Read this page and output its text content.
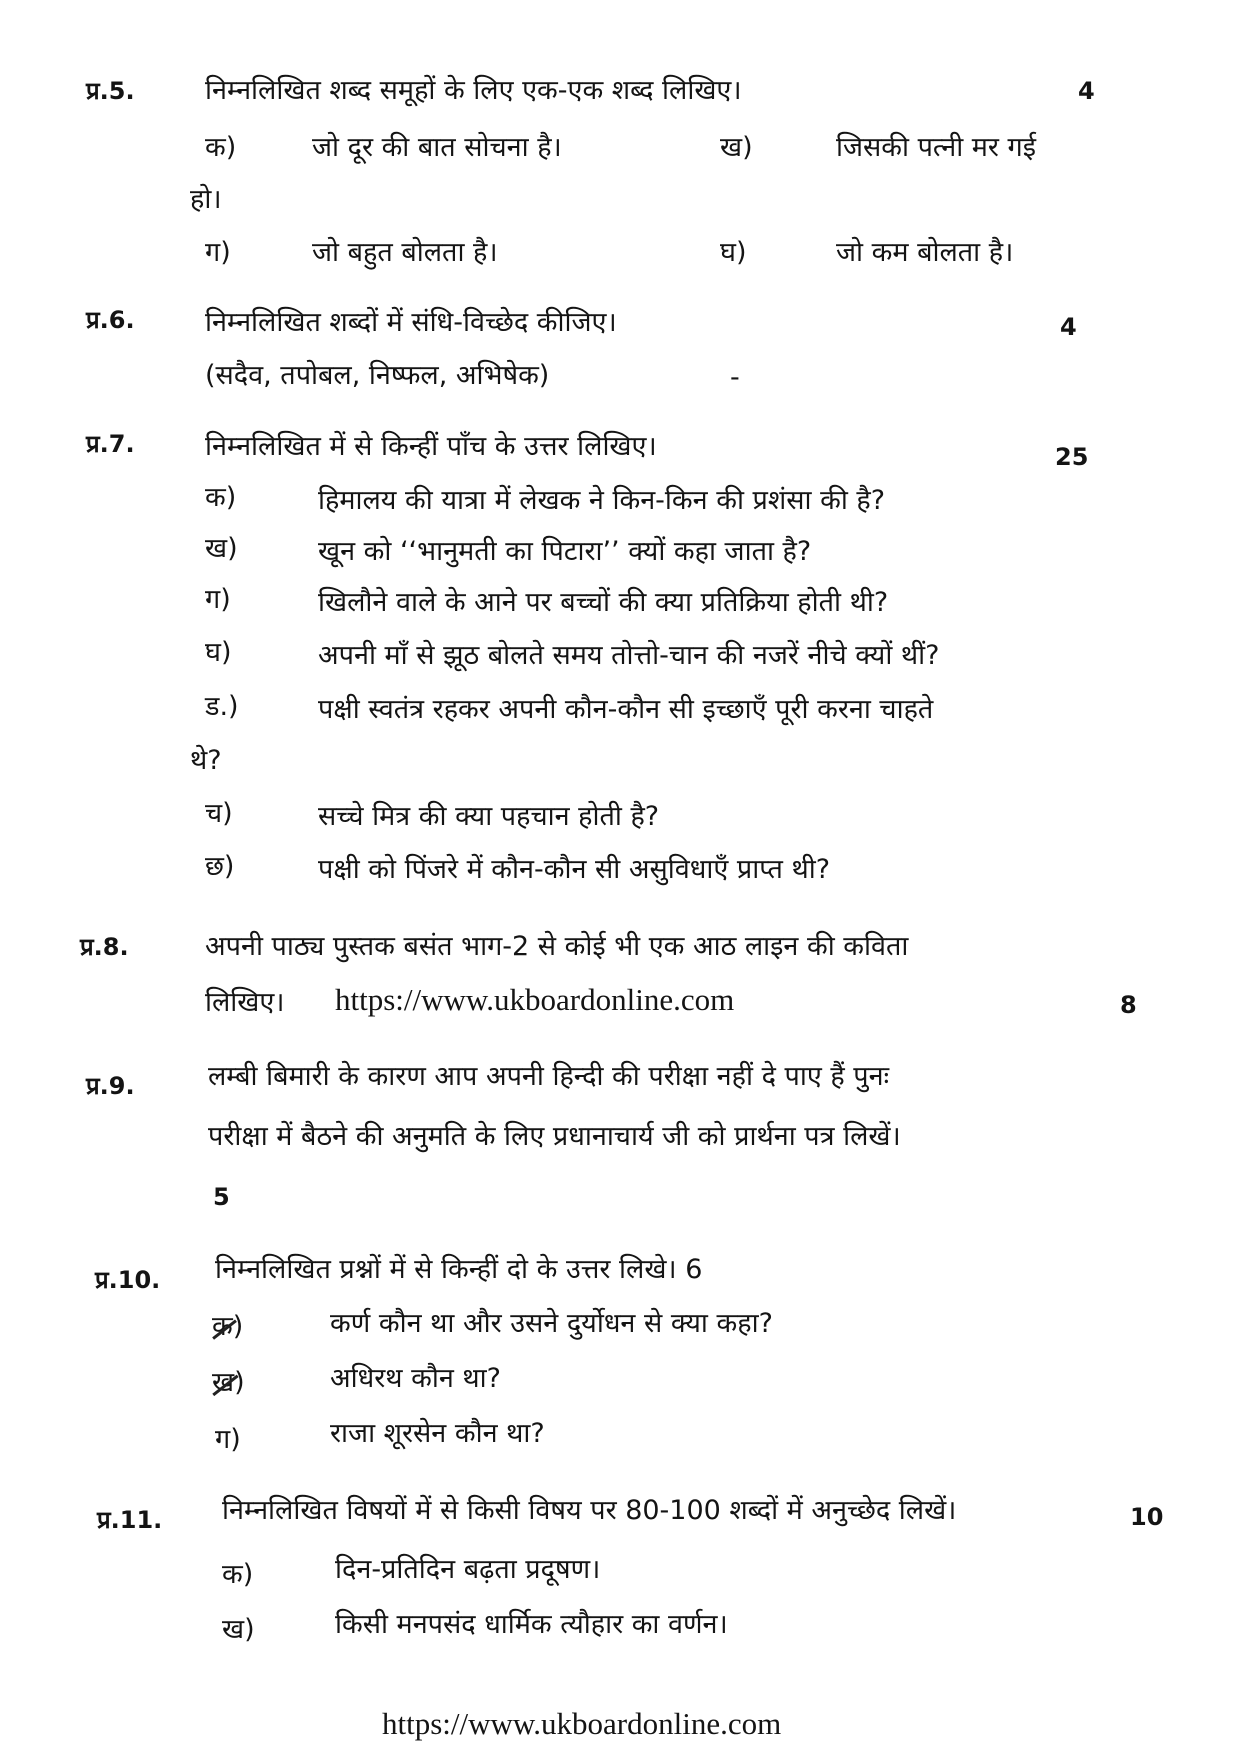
प्र.5.	निम्नलिखित शब्द समूहों के लिए एक-एक शब्द लिखिए।	4
क)	जो दूर की बात सोचना है।	ख)	जिसकी पत्नी मर गई
हो।
ग)	जो बहुत बोलता है।	घ)	जो कम बोलता है।
प्र.6.	निम्नलिखित शब्दों में संधि-विच्छेद कीजिए।	4
(सदैव, तपोबल, निष्फल, अभिषेक)	-
प्र.7.	निम्नलिखित में से किन्हीं पाँच के उत्तर लिखिए।	25
क)	हिमालय की यात्रा में लेखक ने किन-किन की प्रशंसा की है?
ख)	खून को ‘‘भानुमती का पिटारा’’ क्यों कहा जाता है?
ग)	खिलौने वाले के आने पर बच्चों की क्या प्रतिक्रिया होती थी?
घ)	अपनी माँ से झूठ बोलते समय तोत्तो-चान की नजरें नीचे क्यों थीं?
ड.)	पक्षी स्वतंत्र रहकर अपनी कौन-कौन सी इच्छाएँ पूरी करना चाहते
थे?
च)	सच्चे मित्र की क्या पहचान होती है?
छ)	पक्षी को पिंजरे में कौन-कौन सी असुविधाएँ प्राप्त थी?
प्र.8.	अपनी पाठ्य पुस्तक बसंत भाग-2 से कोई भी एक आठ लाइन की कविता
लिखिए। https://www.ukboardonline.com	8
प्र.9.	लम्बी बिमारी के कारण आप अपनी हिन्दी की परीक्षा नहीं दे पाए हैं पुनः
परीक्षा में बैठने की अनुमति के लिए प्रधानाचार्य जी को प्रार्थना पत्र लिखें।
5
प्र.10. निम्नलिखित प्रश्नों में से किन्हीं दो के उत्तर लिखे। 6
क)	कर्ण कौन था और उसने दुर्योधन से क्या कहा?
ख)	अधिरथ कौन था?
ग)	राजा शूरसेन कौन था?
प्र.11. निम्नलिखित विषयों में से किसी विषय पर 80-100 शब्दों में अनुच्छेद लिखें।	10
क)	दिन-प्रतिदिन बढ़ता प्रदूषण।
ख)	किसी मनपसंद धार्मिक त्यौहार का वर्णन।
https://www.ukboardonline.com
